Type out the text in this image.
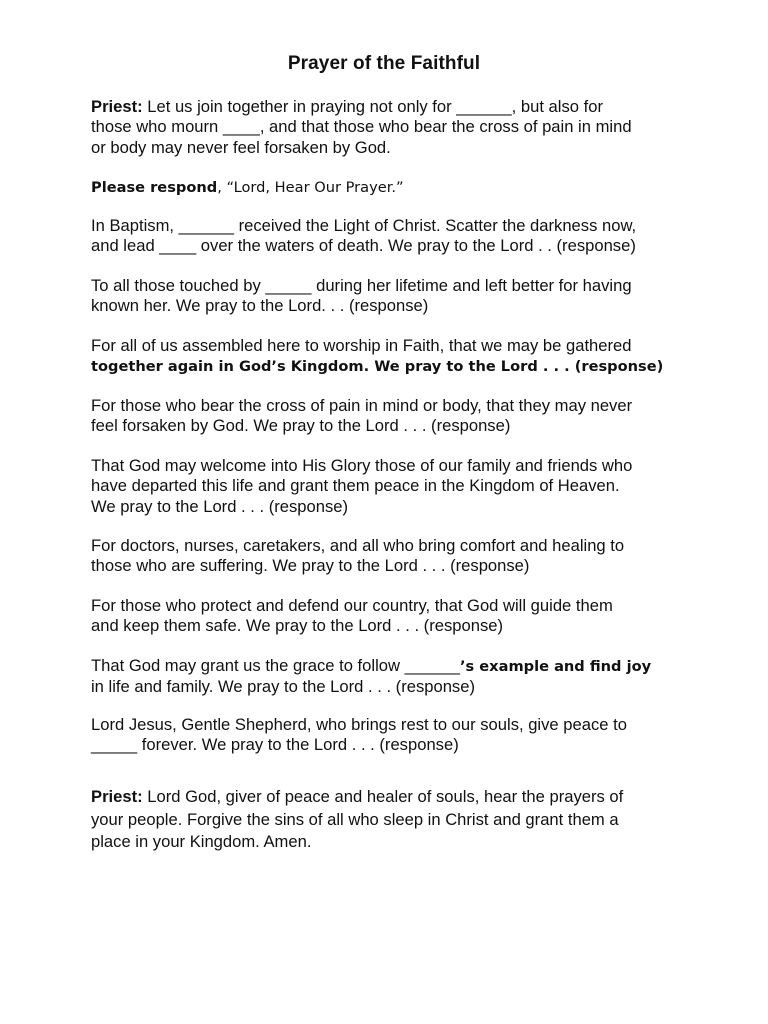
Prayer of the Faithful
Priest: Let us join together in praying not only for ______, but also for
those who mourn ____, and that those who bear the cross of pain in mind
or body may never feel forsaken by God.
Please respond, “Lord, Hear Our Prayer.”
In Baptism, ______ received the Light of Christ. Scatter the darkness now,
and lead ____ over the waters of death. We pray to the Lord . . (response)
To all those touched by _____ during her lifetime and left better for having
known her. We pray to the Lord. . . (response)
For all of us assembled here to worship in Faith, that we may be gathered
together again in God’s Kingdom. We pray to the Lord . . . (response)
For those who bear the cross of pain in mind or body, that they may never
feel forsaken by God. We pray to the Lord . . . (response)
That God may welcome into His Glory those of our family and friends who
have departed this life and grant them peace in the Kingdom of Heaven.
We pray to the Lord . . . (response)
For doctors, nurses, caretakers, and all who bring comfort and healing to
those who are suffering. We pray to the Lord . . . (response)
For those who protect and defend our country, that God will guide them
and keep them safe. We pray to the Lord . . . (response)
That God may grant us the grace to follow ______’s example and find joy
in life and family. We pray to the Lord . . . (response)
Lord Jesus, Gentle Shepherd, who brings rest to our souls, give peace to
_____ forever. We pray to the Lord . . . (response)
Priest: Lord God, giver of peace and healer of souls, hear the prayers of
your people. Forgive the sins of all who sleep in Christ and grant them a
place in your Kingdom. Amen.
